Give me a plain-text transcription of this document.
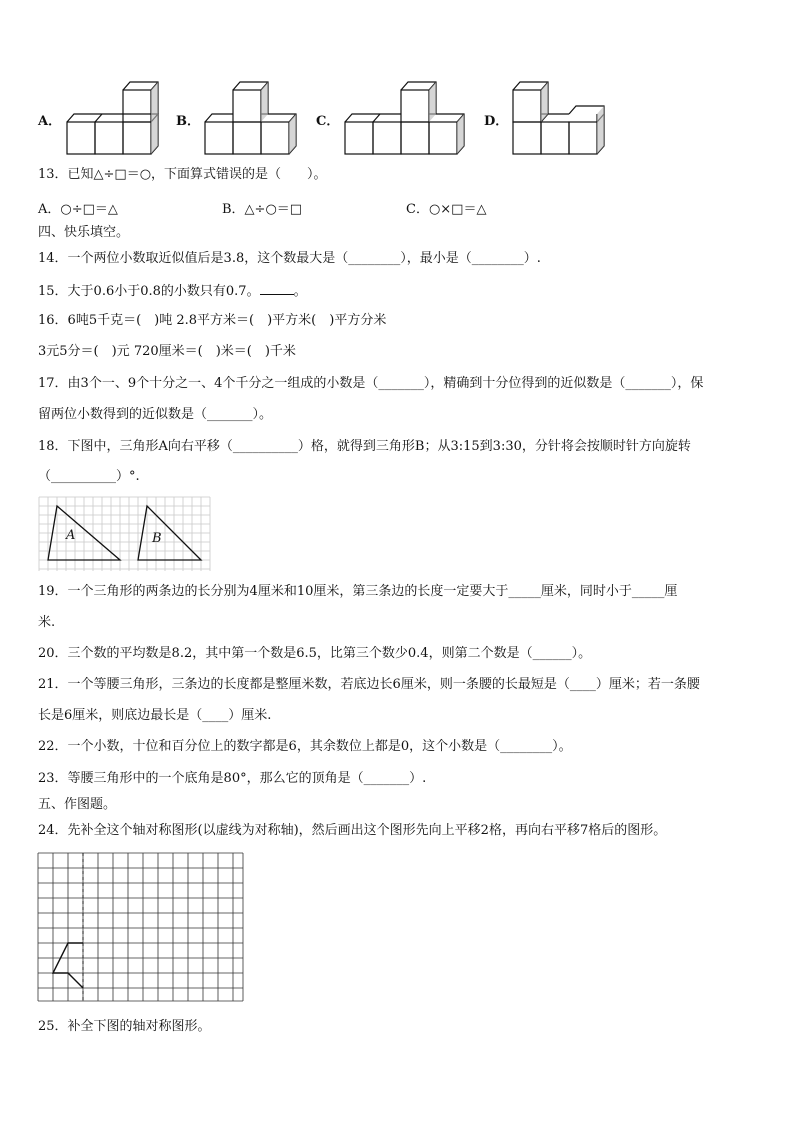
A．	B．	C．	D．
13．已知△÷□＝○，下面算式错误的是（　　）。
A．○÷□＝△	B．△÷○＝□	C．○×□＝△
四、快乐填空。
14．一个两位小数取近似值后是3.8，这个数最大是（________），最小是（________）.
15．大于0.6小于0.8的小数只有0.7。	。
16．6吨5千克＝(　)吨 2.8平方米＝(　)平方米(　)平方分米
3元5分＝(　)元 720厘米＝(　)米＝(　)千米
17．由3个一、9个十分之一、4个千分之一组成的小数是（_______），精确到十分位得到的近似数是（_______），保
留两位小数得到的近似数是（_______）。
18．下图中，三角形A向右平移（__________）格，就得到三角形B；从3:15到3:30，分针将会按顺时针方向旋转
（__________）°.
A	B
19．一个三角形的两条边的长分别为4厘米和10厘米，第三条边的长度一定要大于_____厘米，同时小于_____厘
米.
20．三个数的平均数是8.2，其中第一个数是6.5，比第三个数少0.4，则第二个数是（______）。
21．一个等腰三角形，三条边的长度都是整厘米数，若底边长6厘米，则一条腰的长最短是（____）厘米；若一条腰
长是6厘米，则底边最长是（____）厘米.
22．一个小数，十位和百分位上的数字都是6，其余数位上都是0，这个小数是（________）。
23．等腰三角形中的一个底角是80°，那么它的顶角是（_______）.
五、作图题。
24．先补全这个轴对称图形(以虚线为对称轴)，然后画出这个图形先向上平移2格，再向右平移7格后的图形。
25．补全下图的轴对称图形。
